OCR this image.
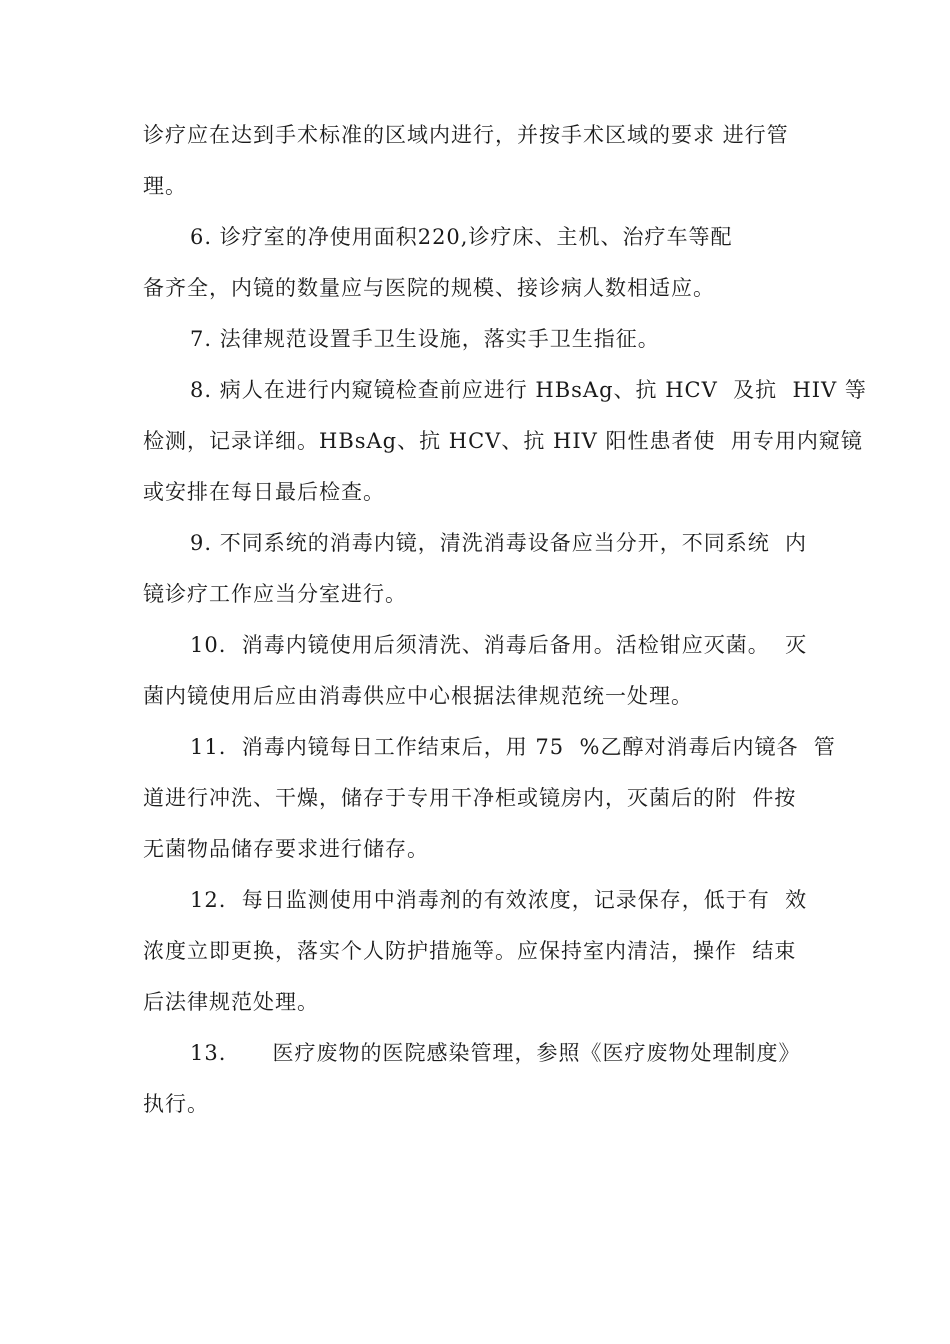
诊疗应在达到手术标准的区域内进行，并按手术区域的要求 进行管
理。
6. 诊疗室的净使用面积220,诊疗床、主机、治疗车等配
备齐全，内镜的数量应与医院的规模、接诊病人数相适应。
7. 法律规范设置手卫生设施，落实手卫生指征。
8. 病人在进行内窥镜检查前应进行 HBsAg、抗 HCV  及抗  HIV 等
检测，记录详细。HBsAg、抗 HCV、抗 HIV 阳性患者使  用专用内窥镜
或安排在每日最后检查。
9. 不同系统的消毒内镜，清洗消毒设备应当分开，不同系统  内
镜诊疗工作应当分室进行。
10.  消毒内镜使用后须清洗、消毒后备用。活检钳应灭菌。  灭
菌内镜使用后应由消毒供应中心根据法律规范统一处理。
11.  消毒内镜每日工作结束后，用 75  %乙醇对消毒后内镜各  管
道进行冲洗、干燥，储存于专用干净柜或镜房内，灭菌后的附  件按
无菌物品储存要求进行储存。
12.  每日监测使用中消毒剂的有效浓度，记录保存，低于有  效
浓度立即更换，落实个人防护措施等。应保持室内清洁，操作  结束
后法律规范处理。
13.      医疗废物的医院感染管理，参照《医疗废物处理制度》
执行。
